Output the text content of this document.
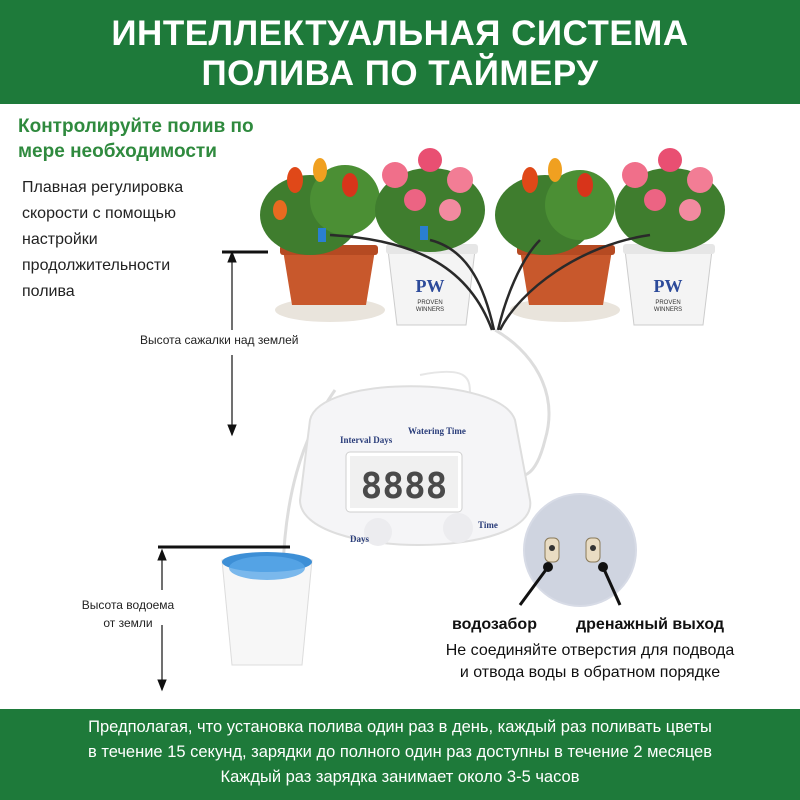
ИНТЕЛЛЕКТУАЛЬНАЯ СИСТЕМА
ПОЛИВА ПО ТАЙМЕРУ
Контролируйте полив по
мере необходимости
Плавная регулировка
скорости с помощью
настройки
продолжительности
полива	PW
PROVEN
WINNERS
PW
PROVEN
WINNERS
Interval Days
Watering Time
8888
Days
Time
Высота сажалки над землей
Высота водоема
от земли	водозабор дренажный выход
Не соединяйте отверстия для подвода
и отвода воды в обратном порядке
Предполагая, что установка полива один раз в день, каждый раз поливать цветы
в течение 15 секунд, зарядки до полного один раз доступны в течение 2 месяцев
Каждый раз зарядка занимает около 3-5 часов
